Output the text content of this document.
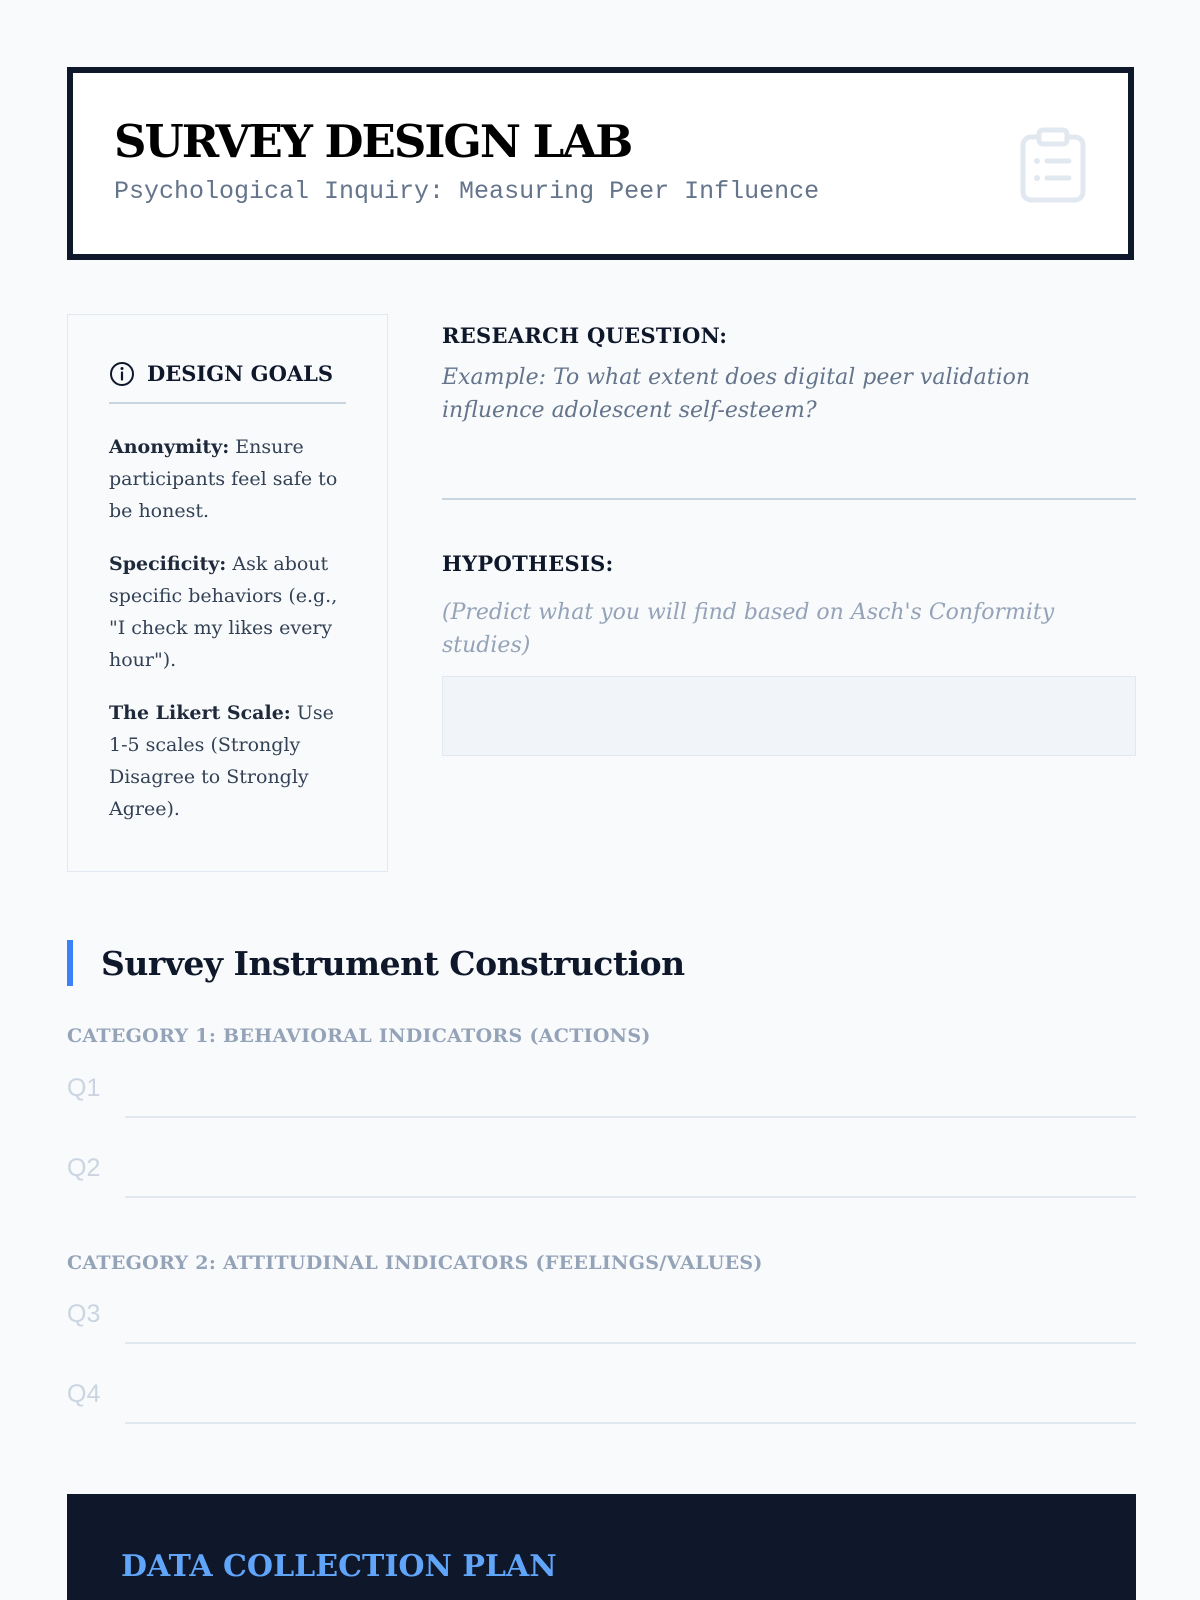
SURVEY DESIGN LAB
Psychological Inquiry: Measuring Peer Influence
DESIGN GOALS

Anonymity: Ensure participants feel safe to be honest.

Specificity: Ask about specific behaviors (e.g., "I check my likes every hour").

The Likert Scale: Use 1-5 scales (Strongly Disagree to Strongly Agree).

RESEARCH QUESTION:
Example: To what extent does digital peer validation influence adolescent self-esteem?
HYPOTHESIS:
(Predict what you will find based on Asch's Conformity studies)
Survey Instrument Construction
CATEGORY 1: BEHAVIORAL INDICATORS (ACTIONS)
Q1
Q2
CATEGORY 2: ATTITUDINAL INDICATORS (FEELINGS/VALUES)
Q3
Q4
DATA COLLECTION PLAN
